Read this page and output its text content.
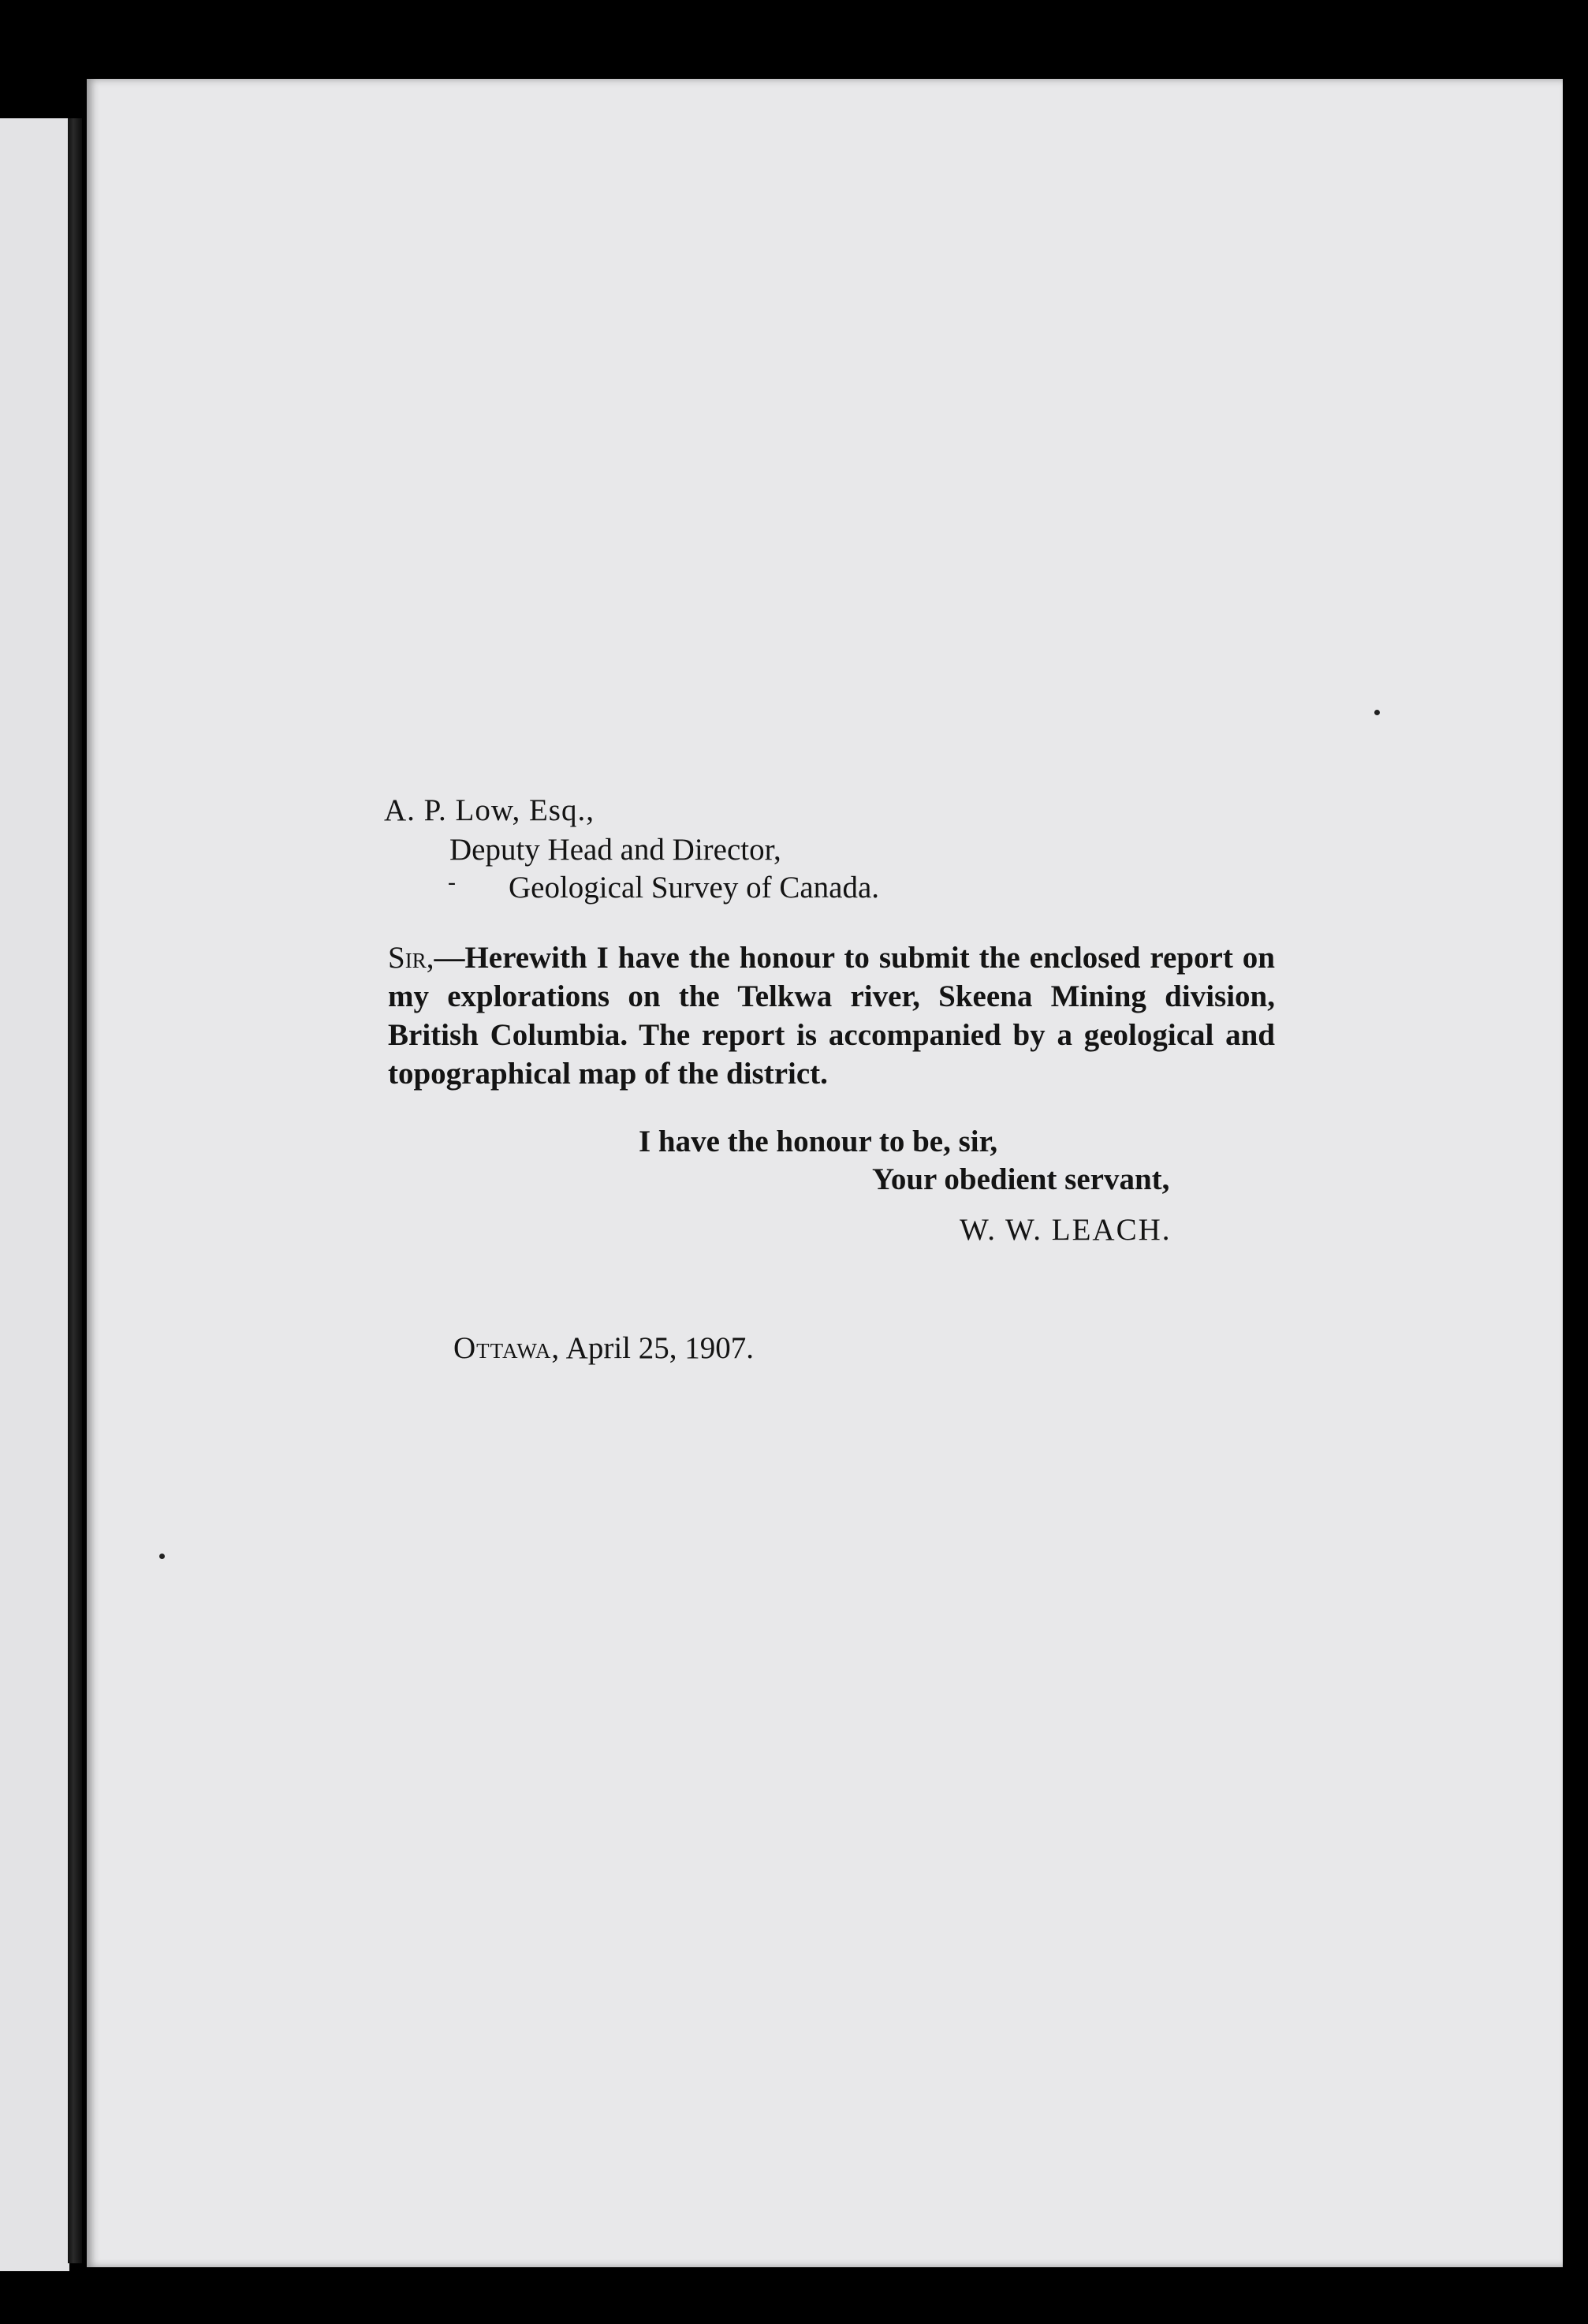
A. P. Low, Esq.,
Deputy Head and Director,
- Geological Survey of Canada.
Sir,—Herewith I have the honour to submit the enclosed report on my explorations on the Telkwa river, Skeena Mining division, British Columbia. The report is accompanied by a geological and topographical map of the district.
I have the honour to be, sir,
Your obedient servant,
W. W. LEACH.
Ottawa, April 25, 1907.
